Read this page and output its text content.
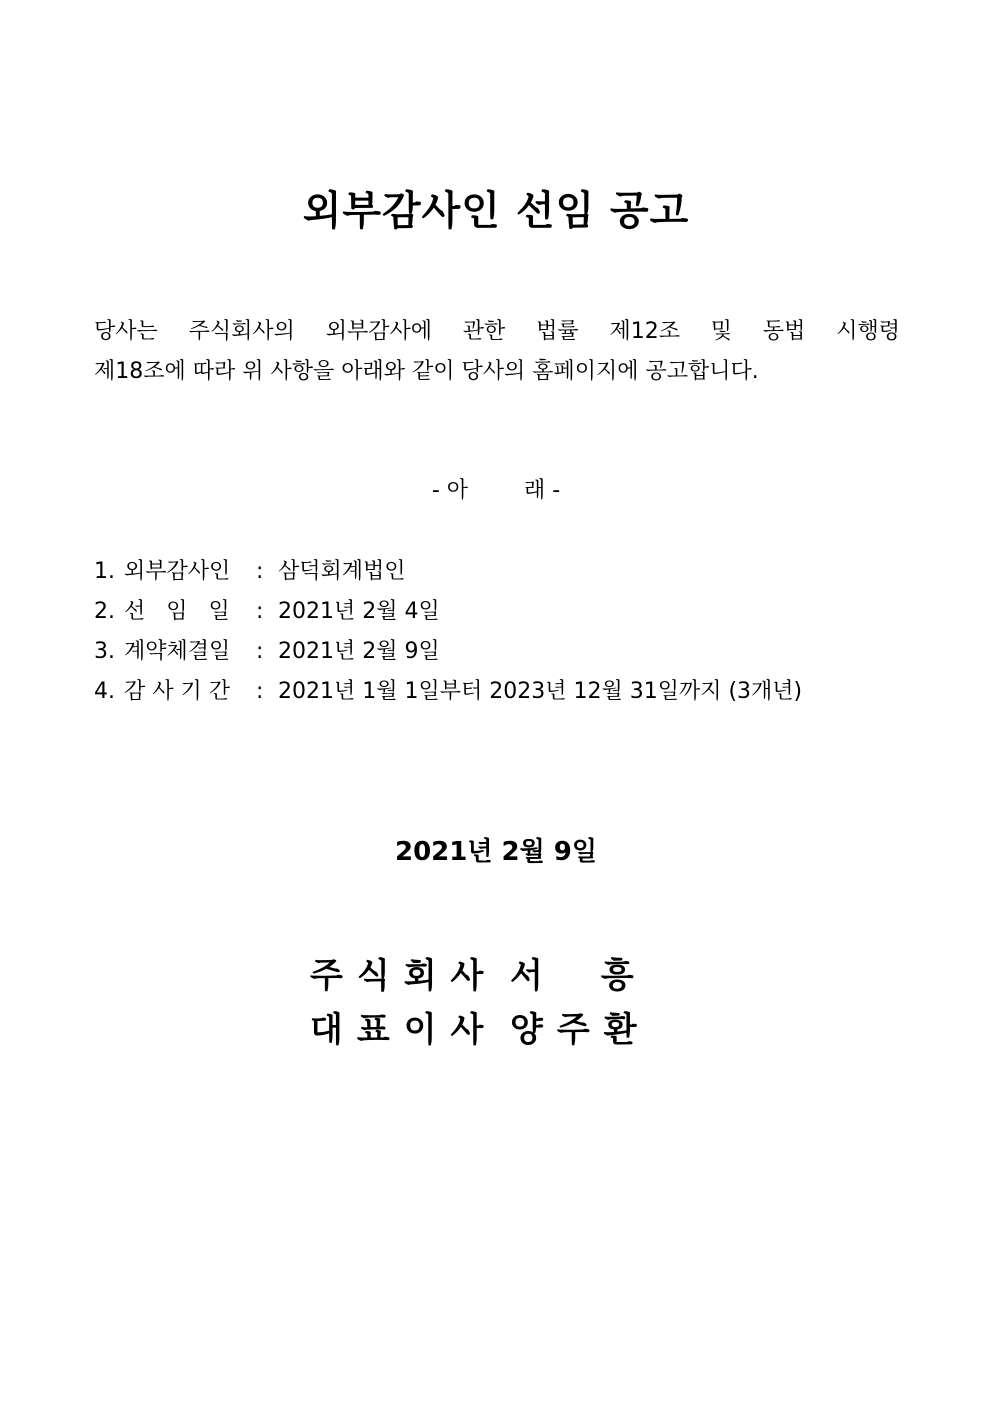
외부감사인 선임 공고

당사는 주식회사의 외부감사에 관한 법률 제12조 및 동법 시행령
제18조에 따라 위 사항을 아래와 같이 당사의 홈페이지에 공고합니다.

- 아        래 -
1. 외부감사인 : 삼덕회계법인
2. 선   임   일 : 2021년 2월 4일
3. 계약체결일 : 2021년 2월 9일
4. 감 사 기 간 : 2021년 1월 1일부터 2023년 12월 31일까지 (3개년)
2021년 2월 9일
주식회사 서흥
대표이사 양주환
